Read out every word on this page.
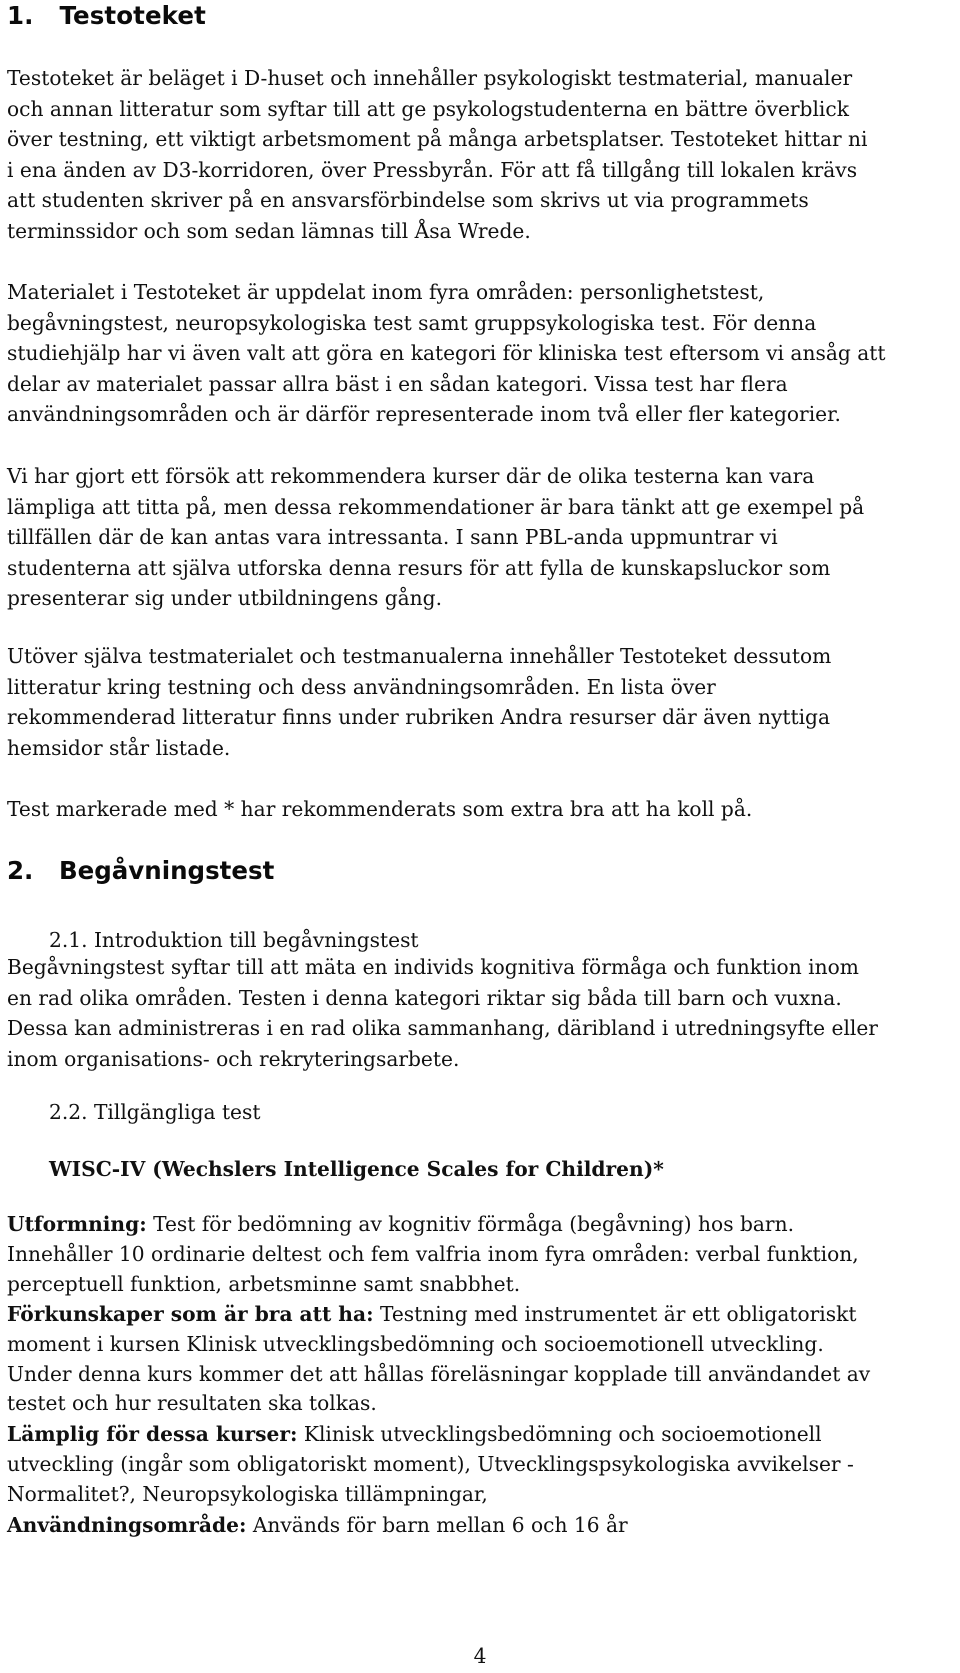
1.   Testoteket

Testoteket är beläget i D-huset och innehåller psykologiskt testmaterial, manualer
och annan litteratur som syftar till att ge psykologstudenterna en bättre överblick
över testning, ett viktigt arbetsmoment på många arbetsplatser. Testoteket hittar ni
i ena änden av D3-korridoren, över Pressbyrån. För att få tillgång till lokalen krävs
att studenten skriver på en ansvarsförbindelse som skrivs ut via programmets
terminssidor och som sedan lämnas till Åsa Wrede.

Materialet i Testoteket är uppdelat inom fyra områden: personlighetstest,
begåvningstest, neuropsykologiska test samt gruppsykologiska test. För denna
studiehjälp har vi även valt att göra en kategori för kliniska test eftersom vi ansåg att
delar av materialet passar allra bäst i en sådan kategori. Vissa test har flera
användningsområden och är därför representerade inom två eller fler kategorier.

Vi har gjort ett försök att rekommendera kurser där de olika testerna kan vara
lämpliga att titta på, men dessa rekommendationer är bara tänkt att ge exempel på
tillfällen där de kan antas vara intressanta. I sann PBL-anda uppmuntrar vi
studenterna att själva utforska denna resurs för att fylla de kunskapsluckor som
presenterar sig under utbildningens gång.

Utöver själva testmaterialet och testmanualerna innehåller Testoteket dessutom
litteratur kring testning och dess användningsområden. En lista över
rekommenderad litteratur finns under rubriken Andra resurser där även nyttiga
hemsidor står listade.

Test markerade med * har rekommenderats som extra bra att ha koll på.

2.   Begåvningstest
2.1. Introduktion till begåvningstest

Begåvningstest syftar till att mäta en individs kognitiva förmåga och funktion inom
en rad olika områden. Testen i denna kategori riktar sig båda till barn och vuxna.
Dessa kan administreras i en rad olika sammanhang, däribland i utredningsyfte eller
inom organisations- och rekryteringsarbete.

2.2. Tillgängliga test
WISC-IV (Wechslers Intelligence Scales for Children)*

Utformning: Test för bedömning av kognitiv förmåga (begåvning) hos barn.
Innehåller 10 ordinarie deltest och fem valfria inom fyra områden: verbal funktion,
perceptuell funktion, arbetsminne samt snabbhet.

Förkunskaper som är bra att ha: Testning med instrumentet är ett obligatoriskt
moment i kursen Klinisk utvecklingsbedömning och socioemotionell utveckling.
Under denna kurs kommer det att hållas föreläsningar kopplade till användandet av
testet och hur resultaten ska tolkas.

Lämplig för dessa kurser: Klinisk utvecklingsbedömning och socioemotionell
utveckling (ingår som obligatoriskt moment), Utvecklingspsykologiska avvikelser -
Normalitet?, Neuropsykologiska tillämpningar,

Användningsområde: Används för barn mellan 6 och 16 år

4
